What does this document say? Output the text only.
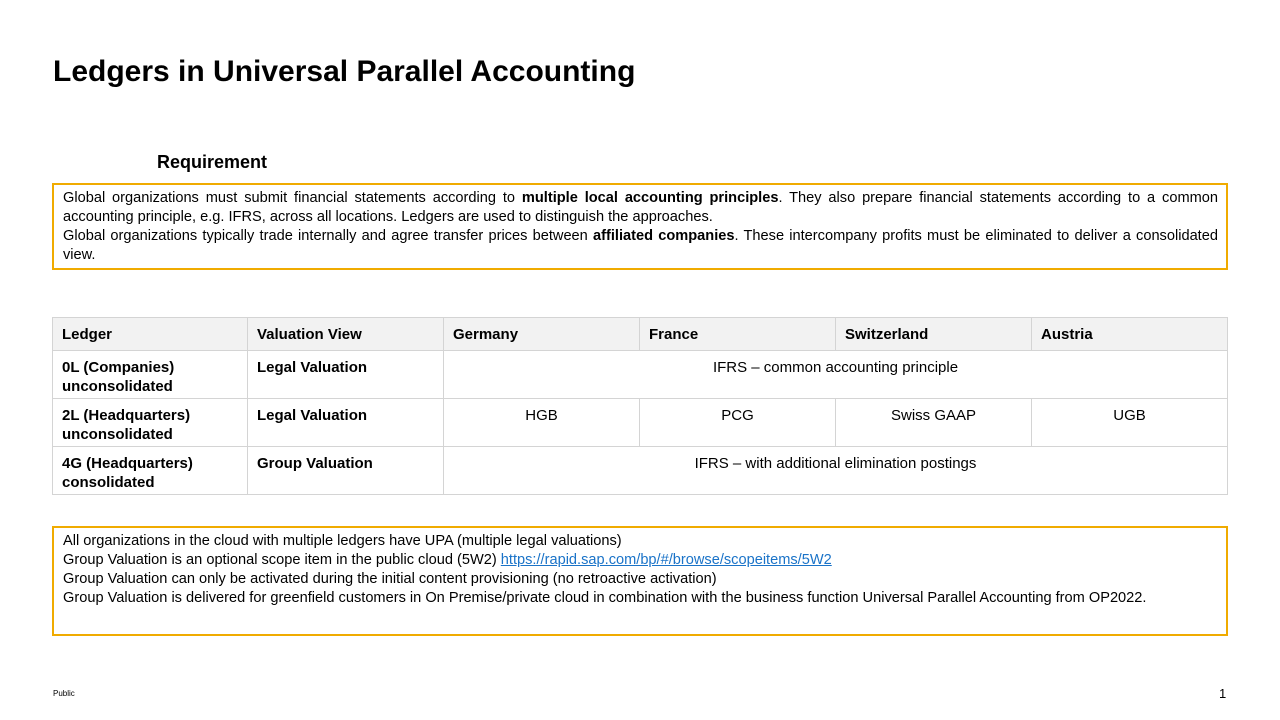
Ledgers in Universal Parallel Accounting
Requirement

Global organizations must submit financial statements according to multiple local accounting principles. They also prepare financial statements according to a common accounting principle, e.g. IFRS, across all locations. Ledgers are used to distinguish the approaches.

Global organizations typically trade internally and agree transfer prices between affiliated companies. These intercompany profits must be eliminated to deliver a consolidated view.

Ledger	Valuation View	Germany	France	Switzerland	Austria
0L (Companies) unconsolidated	Legal Valuation	IFRS – common accounting principle			
2L (Headquarters) unconsolidated	Legal Valuation	HGB	PCG	Swiss GAAP	UGB
4G (Headquarters) consolidated	Group Valuation	IFRS – with additional elimination postings			

All organizations in the cloud with multiple ledgers have UPA (multiple legal valuations)

Group Valuation is an optional scope item in the public cloud (5W2) https://rapid.sap.com/bp/#/browse/scopeitems/5W2

Group Valuation can only be activated during the initial content provisioning (no retroactive activation)

Group Valuation is delivered for greenfield customers in On Premise/private cloud in combination with the business function Universal Parallel Accounting from OP2022.

Public	1
